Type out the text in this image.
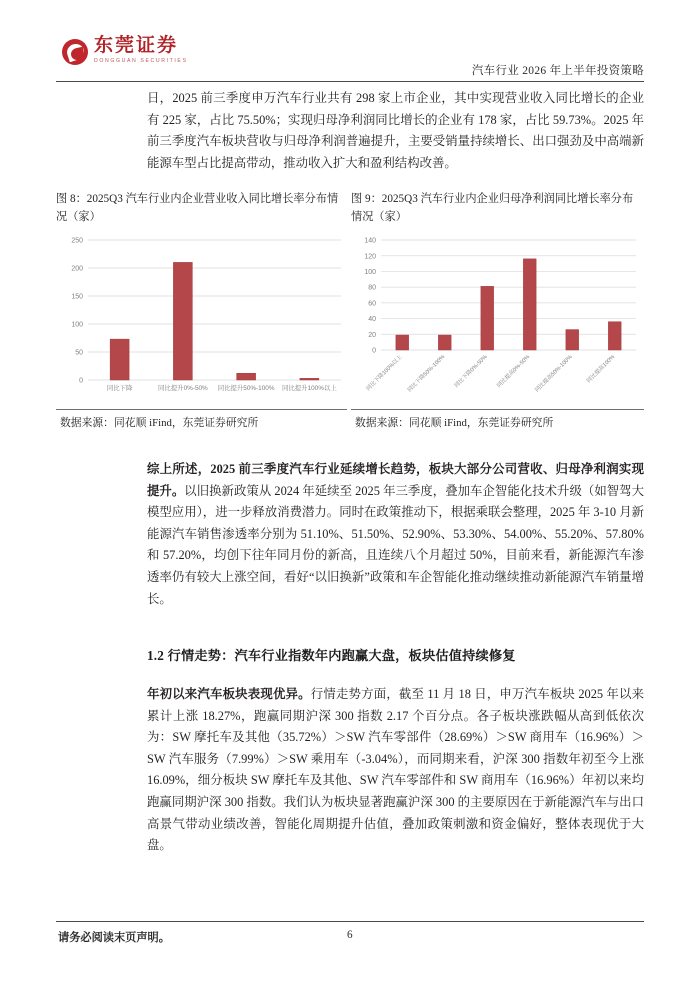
东莞证券
DONGGUAN SECURITIES
汽车行业 2026 年上半年投资策略
日，2025 前三季度申万汽车行业共有 298 家上市企业，其中实现营业收入同比增长的企业有 225 家，占比 75.50%；实现归母净利润同比增长的企业有 178 家，占比 59.73%。2025 年前三季度汽车板块营收与归母净利润普遍提升，主要受销量持续增长、出口强劲及中高端新能源车型占比提高带动，推动收入扩大和盈利结构改善。
图 8：2025Q3 汽车行业内企业营业收入同比增长率分布情况（家）
图 9：2025Q3 汽车行业内企业归母净利润同比增长率分布情况（家）
0
50
100
150
200
250
同比下降	同比提升0%-50% 同比提升50%-100% 同比提升100%以上
0
20
40
60
80
100
120
140
同比下降100%以上 同比下降50%-100% 同比下降0%-50% 同比提高0%-50% 同比提高50%-100% 同比提高100%
数据来源：同花顺 iFind，东莞证券研究所	数据来源：同花顺 iFind，东莞证券研究所
综上所述，2025 前三季度汽车行业延续增长趋势，板块大部分公司营收、归母净利润实现提升。以旧换新政策从 2024 年延续至 2025 年三季度，叠加车企智能化技术升级（如智驾大模型应用），进一步释放消费潜力。同时在政策推动下，根据乘联会整理，2025 年 3-10 月新能源汽车销售渗透率分别为 51.10%、51.50%、52.90%、53.30%、54.00%、55.20%、57.80%和 57.20%，均创下往年同月份的新高，且连续八个月超过 50%，目前来看，新能源汽车渗透率仍有较大上涨空间，看好“以旧换新”政策和车企智能化推动继续推动新能源汽车销量增长。
1.2 行情走势：汽车行业指数年内跑赢大盘，板块估值持续修复
年初以来汽车板块表现优异。行情走势方面，截至 11 月 18 日，申万汽车板块 2025 年以来累计上涨 18.27%，跑赢同期沪深 300 指数 2.17 个百分点。各子板块涨跌幅从高到低依次为：SW 摩托车及其他（35.72%）＞SW 汽车零部件（28.69%）＞SW 商用车（16.96%）＞SW 汽车服务（7.99%）＞SW 乘用车（-3.04%），而同期来看，沪深 300 指数年初至今上涨 16.09%，细分板块 SW 摩托车及其他、SW 汽车零部件和 SW 商用车（16.96%）年初以来均跑赢同期沪深 300 指数。我们认为板块显著跑赢沪深 300 的主要原因在于新能源汽车与出口高景气带动业绩改善，智能化周期提升估值，叠加政策刺激和资金偏好，整体表现优于大盘。
请务必阅读末页声明。	6
